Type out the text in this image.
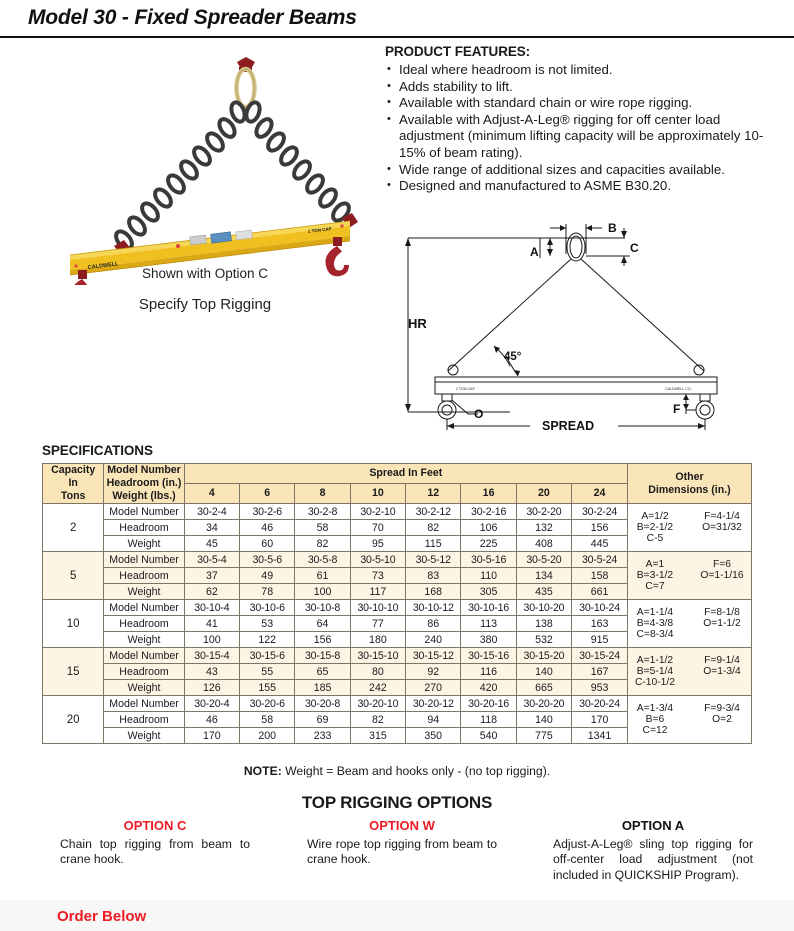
Model 30 - Fixed Spreader Beams
CALDWELL
1 TON CAP
Shown with Option C
Specify Top Rigging
PRODUCT FEATURES:
• Ideal where headroom is not limited.
• Adds stability to lift.
• Available with standard chain or wire rope rigging.
• Available with Adjust-A-Leg® rigging for off center load adjustment (minimum lifting capacity will be approximately 10-15% of beam rating).
• Wide range of additional sizes and capacities available.
• Designed and manufactured to ASME B30.20.
2 TON CAP	CALDWELL CO.
HR
A
B
C
O	F
SPREAD
45°
SPECIFICATIONS
Capacity
In
Tons

Model Number
Headroom (in.)
Weight (lbs.)
	Spread In Feet	Other
Dimensions (in.)

		4	6	8	10	12	16	20	24	
2	Model Number	30-2-4	30-2-6	30-2-8	30-2-10	30-2-12	30-2-16	30-2-20	30-2-24	A=1/2 F=4-1/4
B=2-1/2 O=31/32
C-5

	Headroom	34	46	58	70	82	106	132	156	
	Weight	45	60	82	95	115	225	408	445	
5	Model Number	30-5-4	30-5-6	30-5-8	30-5-10	30-5-12	30-5-16	30-5-20	30-5-24	A=1 F=6
B=3-1/2 O=1-1/16
C=7

	Headroom	37	49	61	73	83	110	134	158	
	Weight	62	78	100	117	168	305	435	661	
10	Model Number	30-10-4	30-10-6	30-10-8	30-10-10	30-10-12	30-10-16	30-10-20	30-10-24	A=1-1/4 F=8-1/8
B=4-3/8 O=1-1/2
C=8-3/4

	Headroom	41	53	64	77	86	113	138	163	
	Weight	100	122	156	180	240	380	532	915	
15	Model Number	30-15-4	30-15-6	30-15-8	30-15-10	30-15-12	30-15-16	30-15-20	30-15-24	A=1-1/2 F=9-1/4
B=5-1/4 O=1-3/4
C-10-1/2

	Headroom	43	55	65	80	92	116	140	167	
	Weight	126	155	185	242	270	420	665	953	
20	Model Number	30-20-4	30-20-6	30-20-8	30-20-10	30-20-12	30-20-16	30-20-20	30-20-24	A=1-3/4 F=9-3/4
B=6 O=2
C=12

	Headroom	46	58	69	82	94	118	140	170	
	Weight	170	200	233	315	350	540	775	1341	
NOTE: Weight = Beam and hooks only - (no top rigging).
TOP RIGGING OPTIONS
OPTION C
Chain top rigging from beam to crane hook.
OPTION W
Wire rope top rigging from beam to crane hook.
OPTION A
Adjust-A-Leg® sling top rigging for off-center load adjustment (not included in QUICKSHIP Program).
Order Below
